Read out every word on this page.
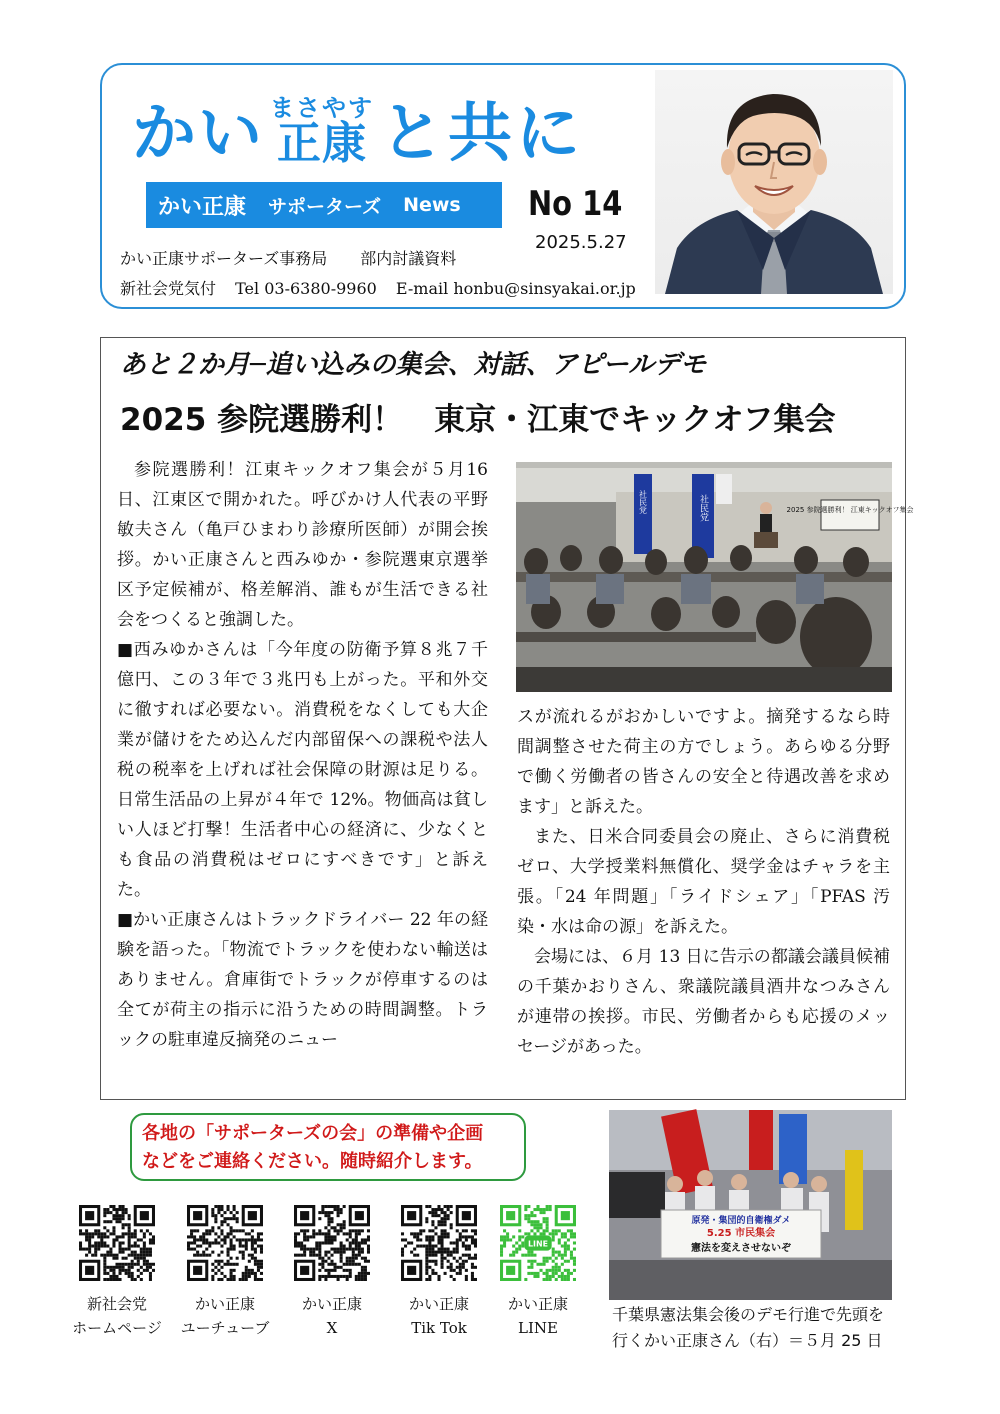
かい まさやす
正康 と共に
かい正康 サポーターズ News No 14
2025.5.27
かい正康サポーターズ事務局 部内討議資料
新社会党気付 Tel 03-6380-9960 E-mail honbu@sinsyakai.or.jp
あと２か月─追い込みの集会、対話、アピールデモ
2025 参院選勝利！　東京・江東でキックオフ集会

参院選勝利！江東キックオフ集会が５月16 日、江東区で開かれた。呼びかけ人代表の平野敏夫さん（亀戸ひまわり診療所医師）が開会挨拶。かい正康さんと西みゆか・参院選東京選挙区予定候補が、格差解消、誰もが生活できる社会をつくると強調した。

■西みゆかさんは「今年度の防衛予算８兆７千億円、この３年で３兆円も上がった。平和外交に徹すれば必要ない。消費税をなくしても大企業が儲けをため込んだ内部留保への課税や法人税の税率を上げれば社会保障の財源は足りる。日常生活品の上昇が４年で 12%。物価高は貧しい人ほど打撃！生活者中心の経済に、少なくとも食品の消費税はゼロにすべきです」と訴えた。

■かい正康さんはトラックドライバー 22 年の経験を語った。「物流でトラックを使わない輸送はありません。倉庫街でトラックが停車するのは全てが荷主の指示に沿うための時間調整。トラックの駐車違反摘発のニュー

2025 参院選勝利！ 江東キックオフ集会
社民党	社民党

スが流れるがおかしいですよ。摘発するなら時間調整させた荷主の方でしょう。あらゆる分野で働く労働者の皆さんの安全と待遇改善を求めます」と訴えた。

また、日米合同委員会の廃止、さらに消費税ゼロ、大学授業料無償化、奨学金はチャラを主張。「24 年問題」「ライドシェア」「PFAS 汚染・水は命の源」を訴えた。

会場には、６月 13 日に告示の都議会議員候補の千葉かおりさん、衆議院議員酒井なつみさんが連帯の挨拶。市民、労働者からも応援のメッセージがあった。

各地の「サポーターズの会」の準備や企画
などをご連絡ください。随時紹介します。
LINE
新社会党
ホームページ
かい正康
ユーチューブ
かい正康
X
かい正康
Tik Tok
かい正康
LINE
原発・集団的自衛権ダメ
5.25 市民集会
憲法を変えさせないぞ
千葉県憲法集会後のデモ行進で先頭を
行くかい正康さん（右）＝５月 25 日
